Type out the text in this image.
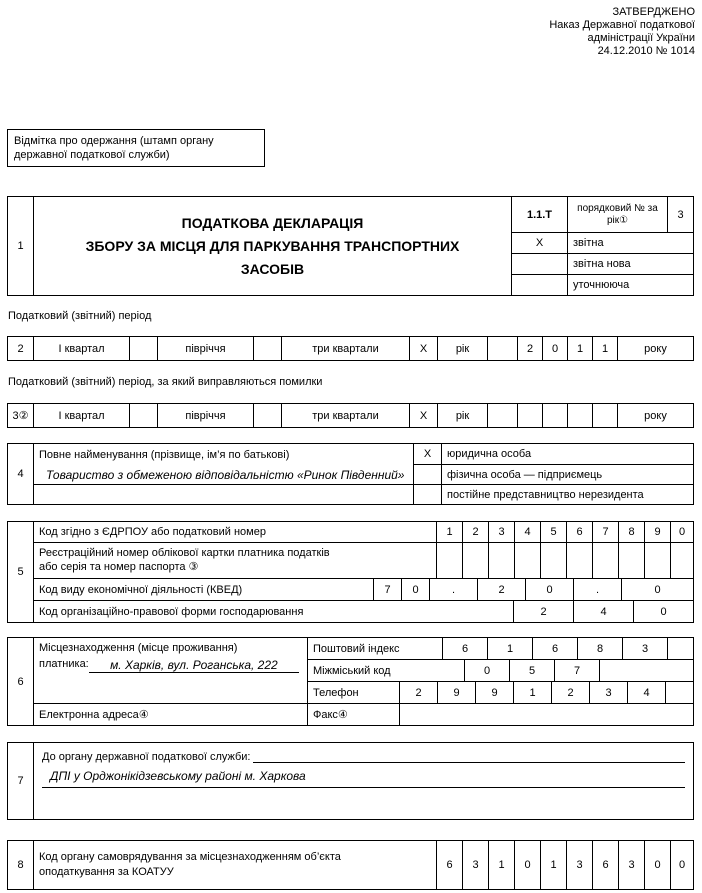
ЗАТВЕРДЖЕНО
Наказ Державної податкової
адміністрації України
24.12.2010 № 1014
Відмітка про одержання (штамп органу
державної податкової служби)
1
ПОДАТКОВА ДЕКЛАРАЦІЯ
ЗБОРУ ЗА МІСЦЯ ДЛЯ ПАРКУВАННЯ ТРАНСПОРТНИХ
ЗАСОБІВ
1.1.Т
порядковий № за рік①	3
X	звітна
звітна нова
уточнююча
Податковий (звітний) період
2	І квартал	півріччя	три квартали	X	рік	2	0	1	1	року
Податковий (звітний) період, за який виправляються помилки
3②	І квартал	півріччя	три квартали	X	рік	року
4
Повне найменування (прізвище, ім’я по батькові)
Товариство з обмеженою відповідальністю «Ринок Південний»
X	юридична особа
фізична особа — підприємець
постійне представництво нерезидента
5
Код згідно з ЄДРПОУ або податковий номер	1	2	3	4	5	6	7	8	9	0
Реєстраційний номер облікової картки платника податків
або серія та номер паспорта ③
Код виду економічної діяльності (КВЕД)	7	0	.	2	0	.	0
Код організаційно-правової форми господарювання	2	4	0
6
Місцезнаходження (місце проживання)
платника:	м. Харків, вул. Роганська, 222
Електронна адреса④
Поштовий індекс	6	1	6	8	3
Міжміський код	0	5	7
Телефон	2	9	9	1	2	3	4
Факс④
7
До органу державної податкової служби:
ДПІ у Орджонікідзевському районі м. Харкова
8
Код органу самоврядування за місцезнаходженням об’єкта
оподаткування за КОАТУУ
6	3	1	0	1	3	6	3	0	0
